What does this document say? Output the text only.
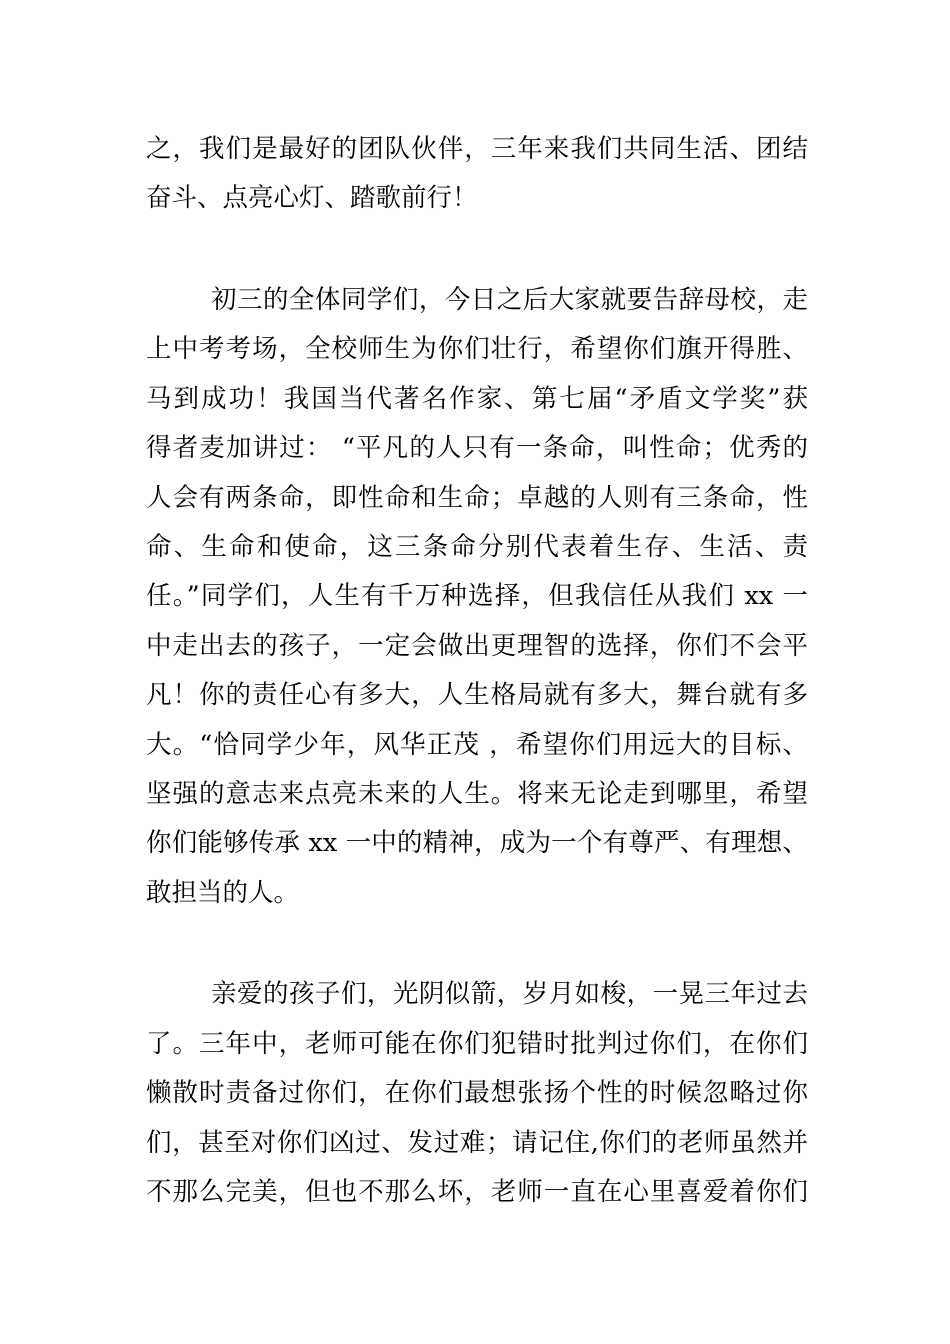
之，我们是最好的团队伙伴，三年来我们共同生活、团结
奋斗、点亮心灯、踏歌前行！
初三的全体同学们，今日之后大家就要告辞母校，走
上中考考场，全校师生为你们壮行，希望你们旗开得胜、
马到成功！我国当代著名作家、第七届“矛盾文学奖”获
得者麦加讲过： “平凡的人只有一条命，叫性命；优秀的
人会有两条命，即性命和生命；卓越的人则有三条命，性
命、生命和使命，这三条命分别代表着生存、生活、责
任。”同学们，人生有千万种选择，但我信任从我们 xx 一
中走出去的孩子，一定会做出更理智的选择，你们不会平
凡！你的责任心有多大，人生格局就有多大，舞台就有多
大。“恰同学少年，风华正茂 ，希望你们用远大的目标、
坚强的意志来点亮未来的人生。将来无论走到哪里，希望
你们能够传承 xx 一中的精神，成为一个有尊严、有理想、
敢担当的人。
亲爱的孩子们，光阴似箭，岁月如梭，一晃三年过去
了。三年中，老师可能在你们犯错时批判过你们，在你们
懒散时责备过你们，在你们最想张扬个性的时候忽略过你
们，甚至对你们凶过、发过难；请记住,你们的老师虽然并
不那么完美，但也不那么坏，老师一直在心里喜爱着你们
